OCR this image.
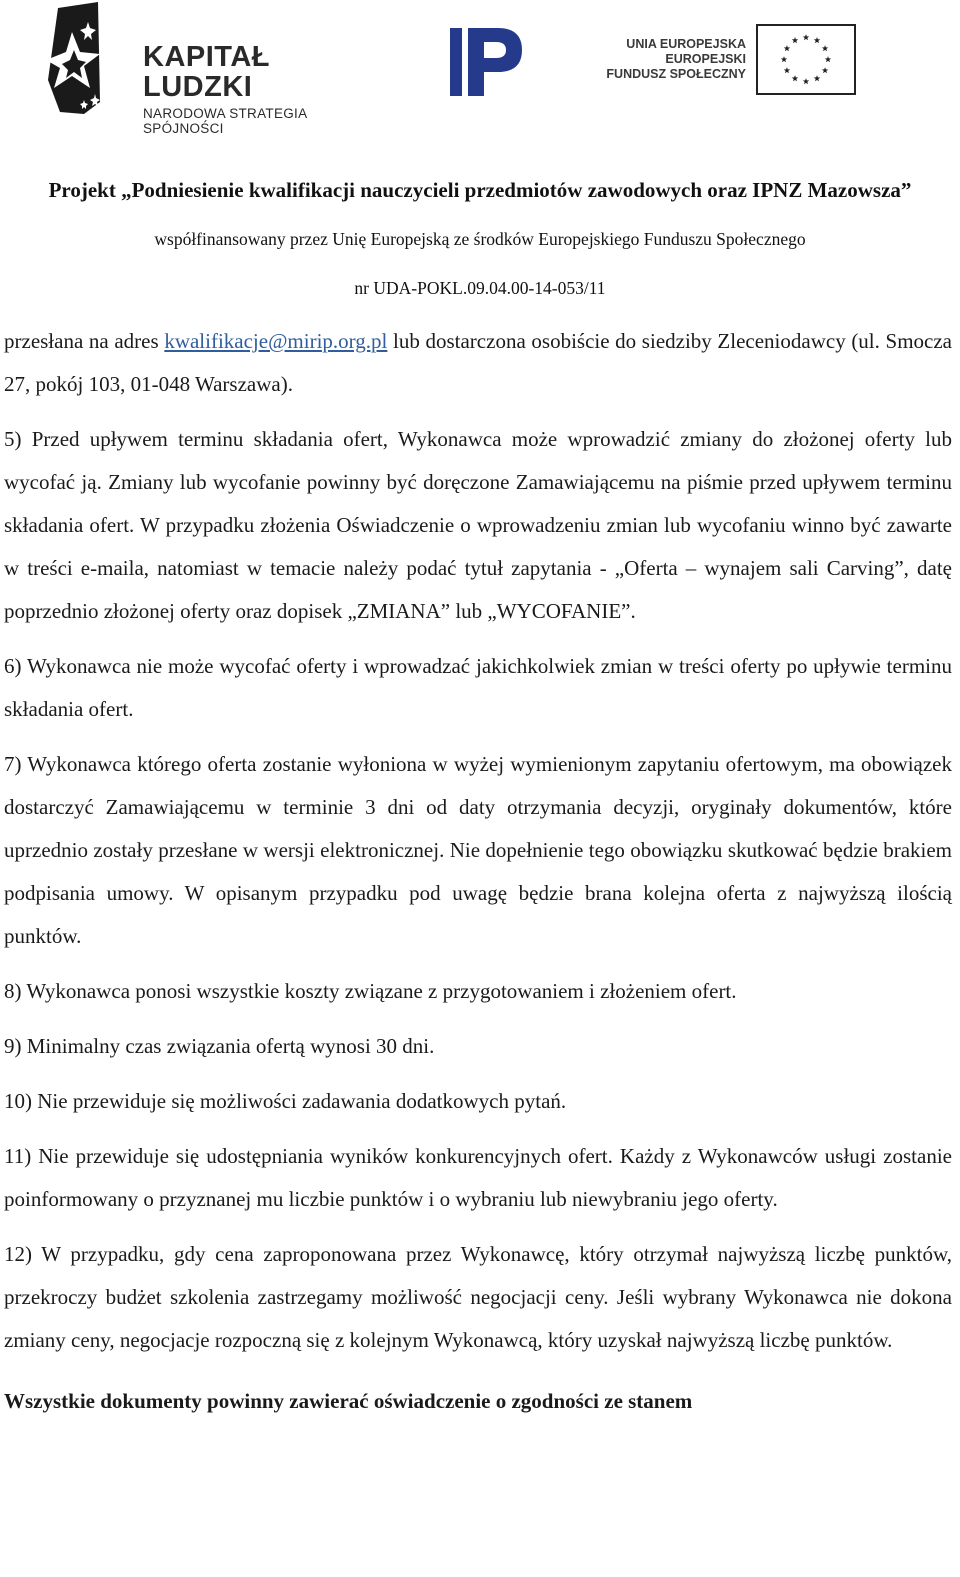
KAPITAŁ LUDZKI
NARODOWA STRATEGIA SPÓJNOŚCI
UNIA EUROPEJSKA
EUROPEJSKI
FUNDUSZ SPOŁECZNY
Projekt „Podniesienie kwalifikacji nauczycieli przedmiotów zawodowych oraz IPNZ Mazowsza”
współfinansowany przez Unię Europejską ze środków Europejskiego Funduszu Społecznego
nr UDA-POKL.09.04.00-14-053/11

przesłana na adres kwalifikacje@mirip.org.pl lub dostarczona osobiście do siedziby Zleceniodawcy (ul. Smocza 27, pokój 103, 01-048 Warszawa).

5) Przed upływem terminu składania ofert, Wykonawca może wprowadzić zmiany do złożonej oferty lub wycofać ją. Zmiany lub wycofanie powinny być doręczone Zamawiającemu na piśmie przed upływem terminu składania ofert. W przypadku złożenia Oświadczenie o wprowadzeniu zmian lub wycofaniu winno być zawarte w treści e-maila, natomiast w temacie należy podać tytuł zapytania - „Oferta – wynajem sali Carving”, datę poprzednio złożonej oferty oraz dopisek „ZMIANA” lub „WYCOFANIE”.

6) Wykonawca nie może wycofać oferty i wprowadzać jakichkolwiek zmian w treści oferty po upływie terminu składania ofert.

7) Wykonawca którego oferta zostanie wyłoniona w wyżej wymienionym zapytaniu ofertowym, ma obowiązek dostarczyć Zamawiającemu w terminie 3 dni od daty otrzymania decyzji, oryginały dokumentów, które uprzednio zostały przesłane w wersji elektronicznej. Nie dopełnienie tego obowiązku skutkować będzie brakiem podpisania umowy. W opisanym przypadku pod uwagę będzie brana kolejna oferta z najwyższą ilością punktów.

8) Wykonawca ponosi wszystkie koszty związane z przygotowaniem i złożeniem ofert.

9) Minimalny czas związania ofertą wynosi 30 dni.

10) Nie przewiduje się możliwości zadawania dodatkowych pytań.

11) Nie przewiduje się udostępniania wyników konkurencyjnych ofert. Każdy z Wykonawców usługi zostanie poinformowany o przyznanej mu liczbie punktów i o wybraniu lub niewybraniu jego oferty.

12) W przypadku, gdy cena zaproponowana przez Wykonawcę, który otrzymał najwyższą liczbę punktów, przekroczy budżet szkolenia zastrzegamy możliwość negocjacji ceny. Jeśli wybrany Wykonawca nie dokona zmiany ceny, negocjacje rozpoczną się z kolejnym Wykonawcą, który uzyskał najwyższą liczbę punktów.

Wszystkie dokumenty powinny zawierać oświadczenie o zgodności ze stanem
